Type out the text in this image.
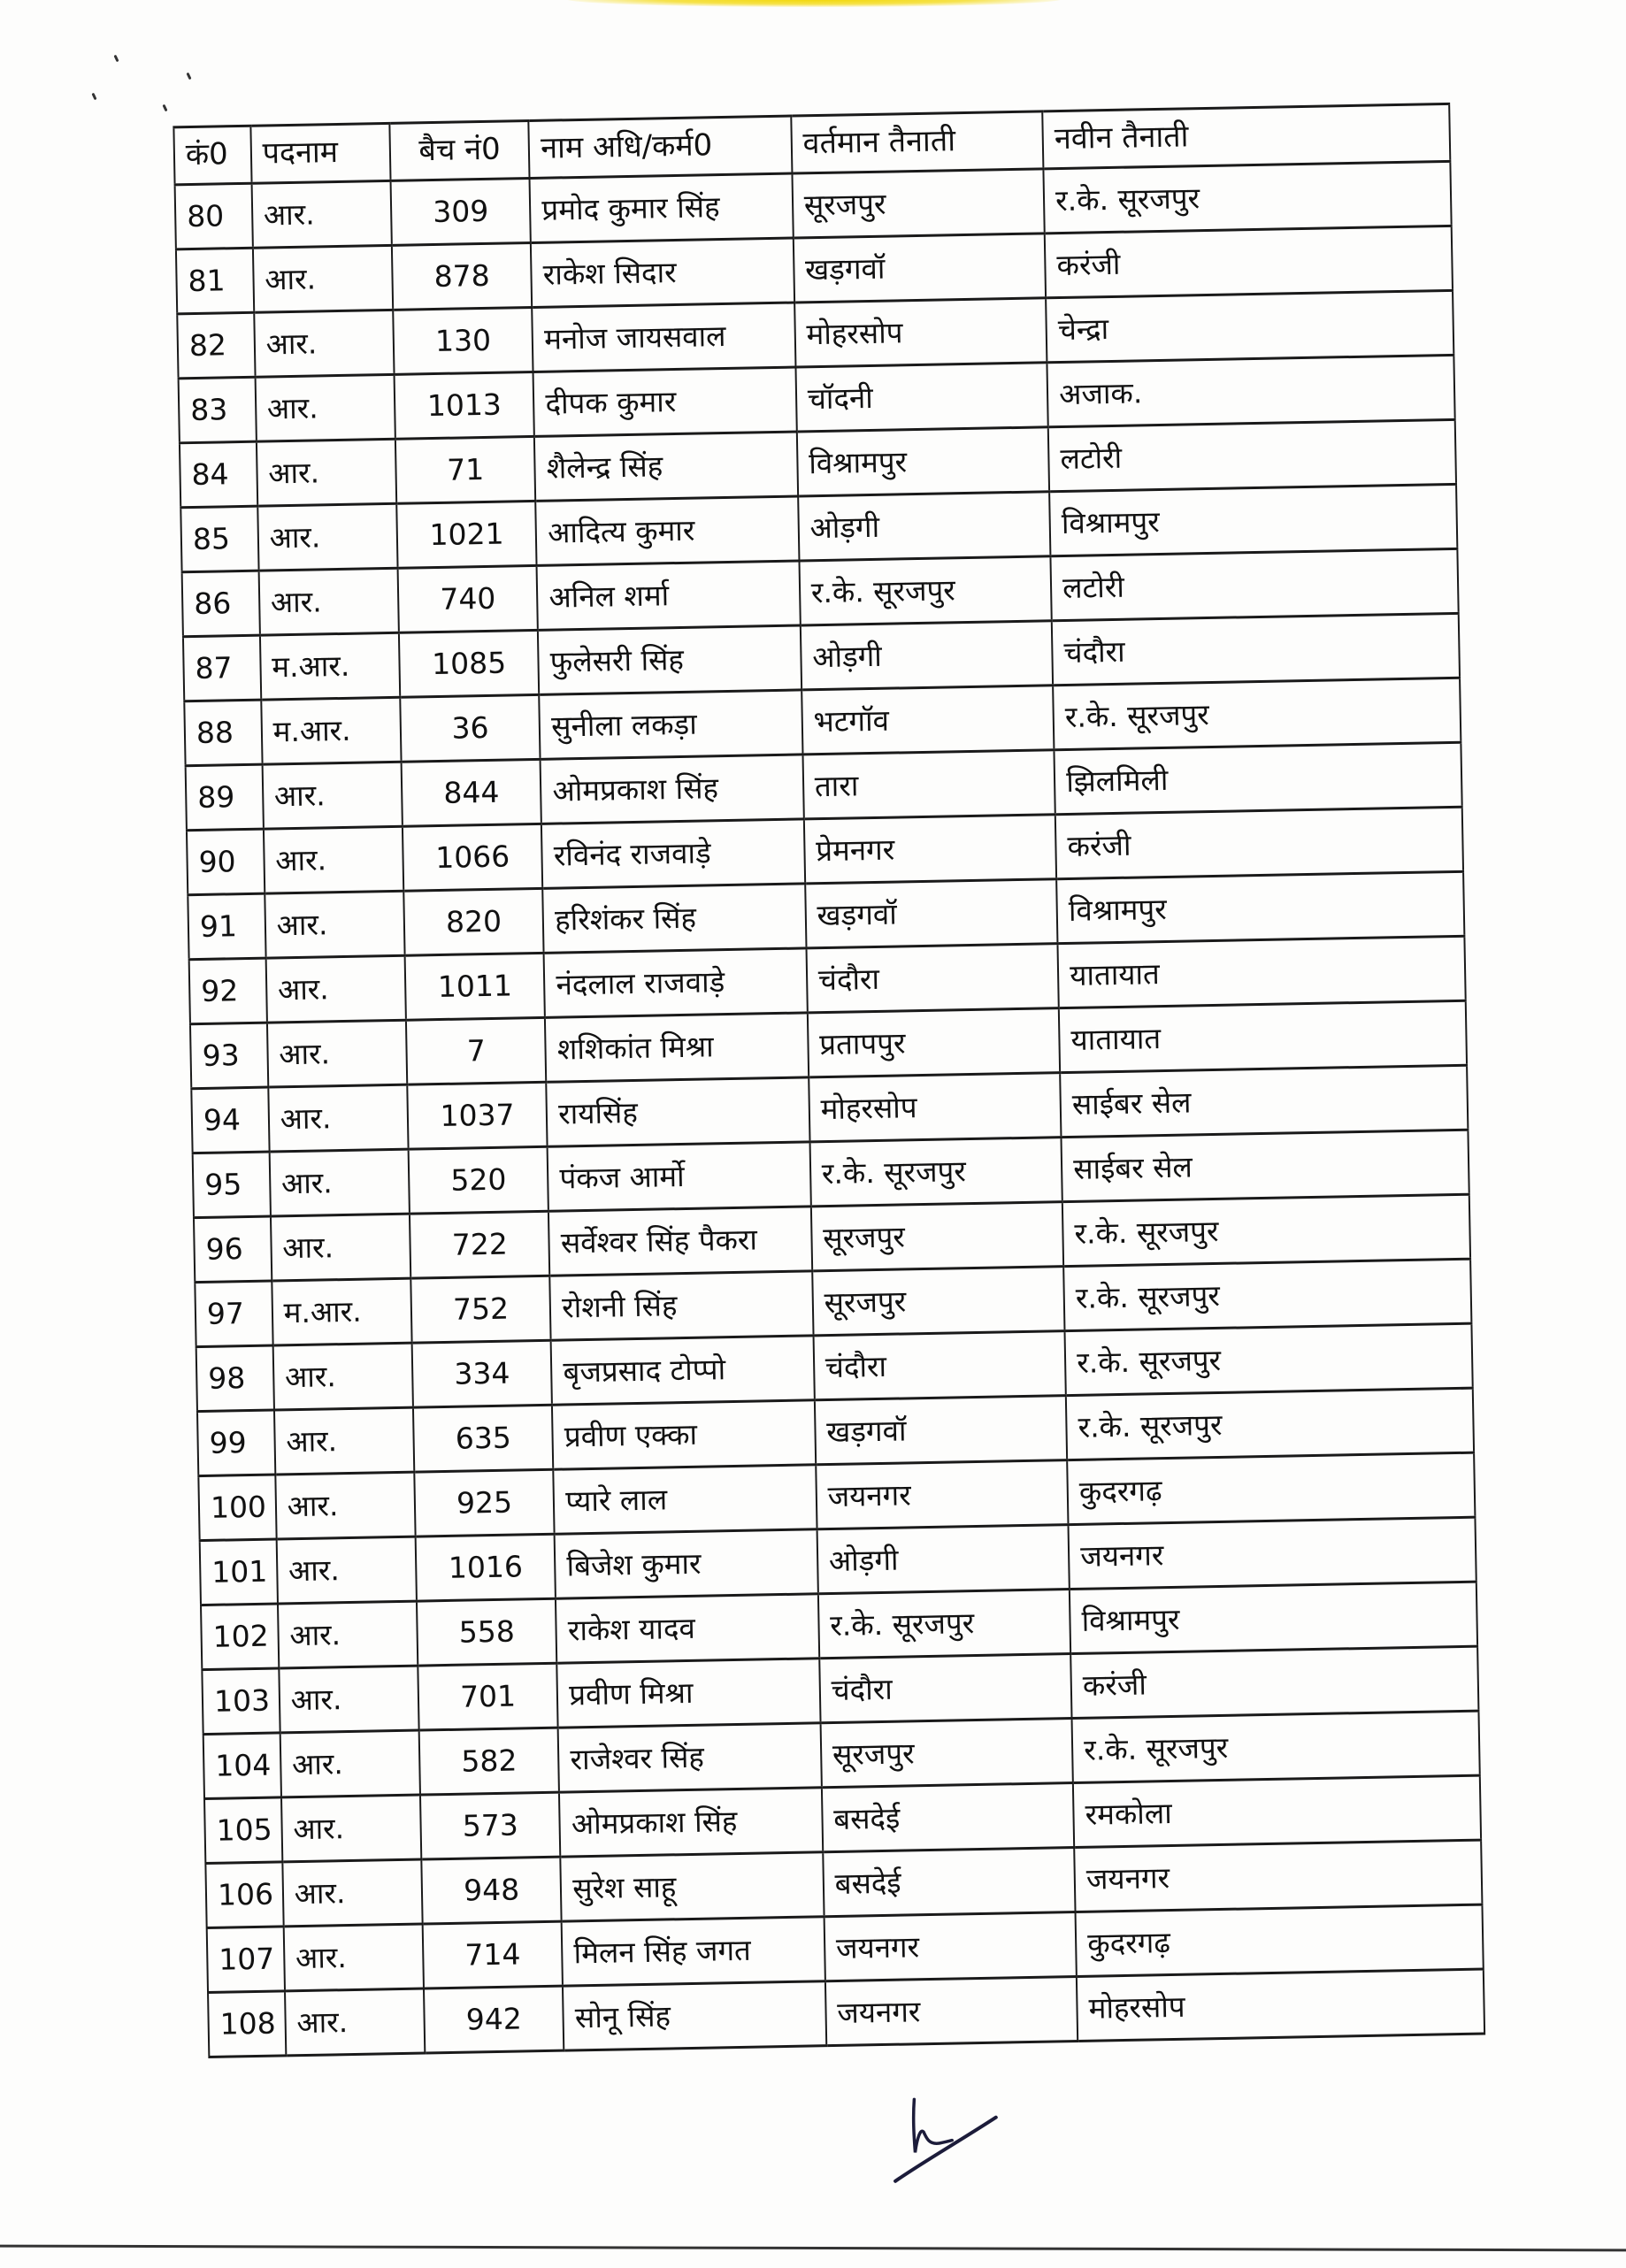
कं0	पदनाम	बैच नं0	नाम अधि/कर्म0	वर्तमान तैनाती	नवीन तैनाती
80	आर.	309	प्रमोद कुमार सिंह	सूरजपुर	र.के. सूरजपुर
81	आर.	878	राकेश सिदार	खड़गवॉ	करंजी
82	आर.	130	मनोज जायसवाल	मोहरसोप	चेन्द्रा
83	आर.	1013	दीपक कुमार	चॉदनी	अजाक.
84	आर.	71	शैलेन्द्र सिंह	विश्रामपुर	लटोरी
85	आर.	1021	आदित्य कुमार	ओड़गी	विश्रामपुर
86	आर.	740	अनिल शर्मा	र.के. सूरजपुर	लटोरी
87	म.आर.	1085	फुलेसरी सिंह	ओड़गी	चंदौरा
88	म.आर.	36	सुनीला लकड़ा	भटगॉव	र.के. सूरजपुर
89	आर.	844	ओमप्रकाश सिंह	तारा	झिलमिली
90	आर.	1066	रविनंद राजवाड़े	प्रेमनगर	करंजी
91	आर.	820	हरिशंकर सिंह	खड़गवॉ	विश्रामपुर
92	आर.	1011	नंदलाल राजवाड़े	चंदौरा	यातायात
93	आर.	7	शशिकांत मिश्रा	प्रतापपुर	यातायात
94	आर.	1037	रायसिंह	मोहरसोप	साईबर सेल
95	आर.	520	पंकज आर्मो	र.के. सूरजपुर	साईबर सेल
96	आर.	722	सर्वेश्वर सिंह पैकरा	सूरजपुर	र.के. सूरजपुर
97	म.आर.	752	रोशनी सिंह	सूरजपुर	र.के. सूरजपुर
98	आर.	334	बृजप्रसाद टोप्पो	चंदौरा	र.के. सूरजपुर
99	आर.	635	प्रवीण एक्का	खड़गवॉ	र.के. सूरजपुर
100	आर.	925	प्यारे लाल	जयनगर	कुदरगढ़
101	आर.	1016	बिजेश कुमार	ओड़गी	जयनगर
102	आर.	558	राकेश यादव	र.के. सूरजपुर	विश्रामपुर
103	आर.	701	प्रवीण मिश्रा	चंदौरा	करंजी
104	आर.	582	राजेश्वर सिंह	सूरजपुर	र.के. सूरजपुर
105	आर.	573	ओमप्रकाश सिंह	बसदेई	रमकोला
106	आर.	948	सुरेश साहू	बसदेई	जयनगर
107	आर.	714	मिलन सिंह जगत	जयनगर	कुदरगढ़
108	आर.	942	सोनू सिंह	जयनगर	मोहरसोप
